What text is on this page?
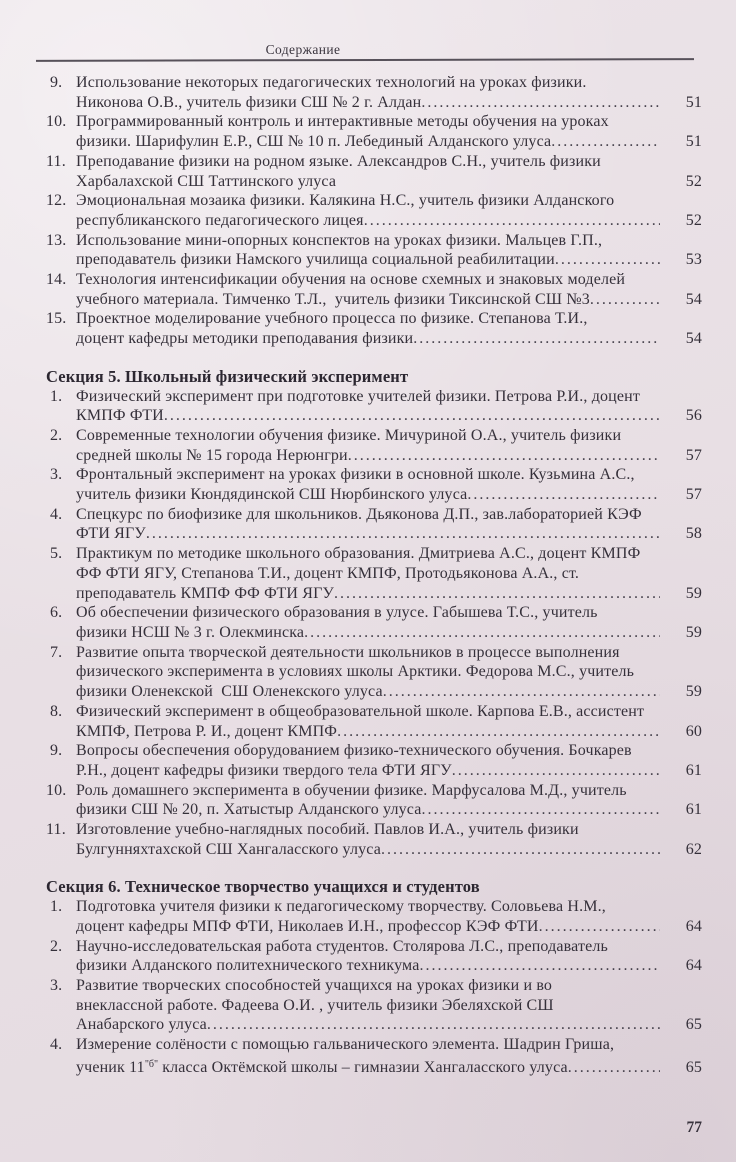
Содержание
9. Использование некоторых педагогических технологий на уроках физики.
Никонова О.В., учитель физики СШ № 2 г. Алдан .....	51
10. Программированный контроль и интерактивные методы обучения на уроках
физики. Шарифулин Е.Р., СШ № 10 п. Лебединый Алданского улуса .....	51
11. Преподавание физики на родном языке. Александров С.Н., учитель физики
Харбалахской СШ Таттинского улуса	52
12. Эмоциональная мозаика физики. Калякина Н.С., учитель физики Алданского
республиканского педагогического лицея .....	52
13. Использование мини-опорных конспектов на уроках физики. Мальцев Г.П.,
преподаватель физики Намского училища социальной реабилитации .....	53
14. Технология интенсификации обучения на основе схемных и знаковых моделей
учебного материала. Тимченко Т.Л.,  учитель физики Тиксинской СШ №3 .....	54
15. Проектное моделирование учебного процесса по физике. Степанова Т.И.,
доцент кафедры методики преподавания физики .....	54
Секция 5. Школьный физический эксперимент
1. Физический эксперимент при подготовке учителей физики. Петрова Р.И., доцент
КМПФ ФТИ .....	56
2. Современные технологии обучения физике. Мичуриной О.А., учитель физики
средней школы № 15 города Нерюнгри .....	57
3. Фронтальный эксперимент на уроках физики в основной школе. Кузьмина А.С.,
учитель физики Кюндядинской СШ Нюрбинского улуса .....	57
4. Спецкурс по биофизике для школьников. Дьяконова Д.П., зав.лабораторией КЭФ
ФТИ ЯГУ .....	58
5. Практикум по методике школьного образования. Дмитриева А.С., доцент КМПФ
ФФ ФТИ ЯГУ, Степанова Т.И., доцент КМПФ, Протодьяконова А.А., ст.
преподаватель КМПФ ФФ ФТИ ЯГУ .....	59
6. Об обеспечении физического образования в улусе. Габышева Т.С., учитель
физики НСШ № 3 г. Олекминска .....	59
7. Развитие опыта творческой деятельности школьников в процессе выполнения
физического эксперимента в условиях школы Арктики. Федорова М.С., учитель
физики Оленекской  СШ Оленекского улуса .....	59
8. Физический эксперимент в общеобразовательной школе. Карпова Е.В., ассистент
КМПФ, Петрова Р. И., доцент КМПФ .....	60
9. Вопросы обеспечения оборудованием физико-технического обучения. Бочкарев
Р.Н., доцент кафедры физики твердого тела ФТИ ЯГУ .....	61
10. Роль домашнего эксперимента в обучении физике. Марфусалова М.Д., учитель
физики СШ № 20, п. Хатыстыр Алданского улуса .....	61
11. Изготовление учебно-наглядных пособий. Павлов И.А., учитель физики
Булгунняхтахской СШ Хангаласского улуса .....	62
Секция 6. Техническое творчество учащихся и студентов
1. Подготовка учителя физики к педагогическому творчеству. Соловьева Н.М.,
доцент кафедры МПФ ФТИ, Николаев И.Н., профессор КЭФ ФТИ .....	64
2. Научно-исследовательская работа студентов. Столярова Л.С., преподаватель
физики Алданского политехнического техникума .....	64
3. Развитие творческих способностей учащихся на уроках физики и во
внеклассной работе. Фадеева О.И. , учитель физики Эбеляхской СШ
Анабарского улуса .....	65
4. Измерение солёности с помощью гальванического элемента. Шадрин Гриша,
ученик $11^{"б"}$ класса Октёмской школы – гимназии Хангаласского улуса .....	65
77
